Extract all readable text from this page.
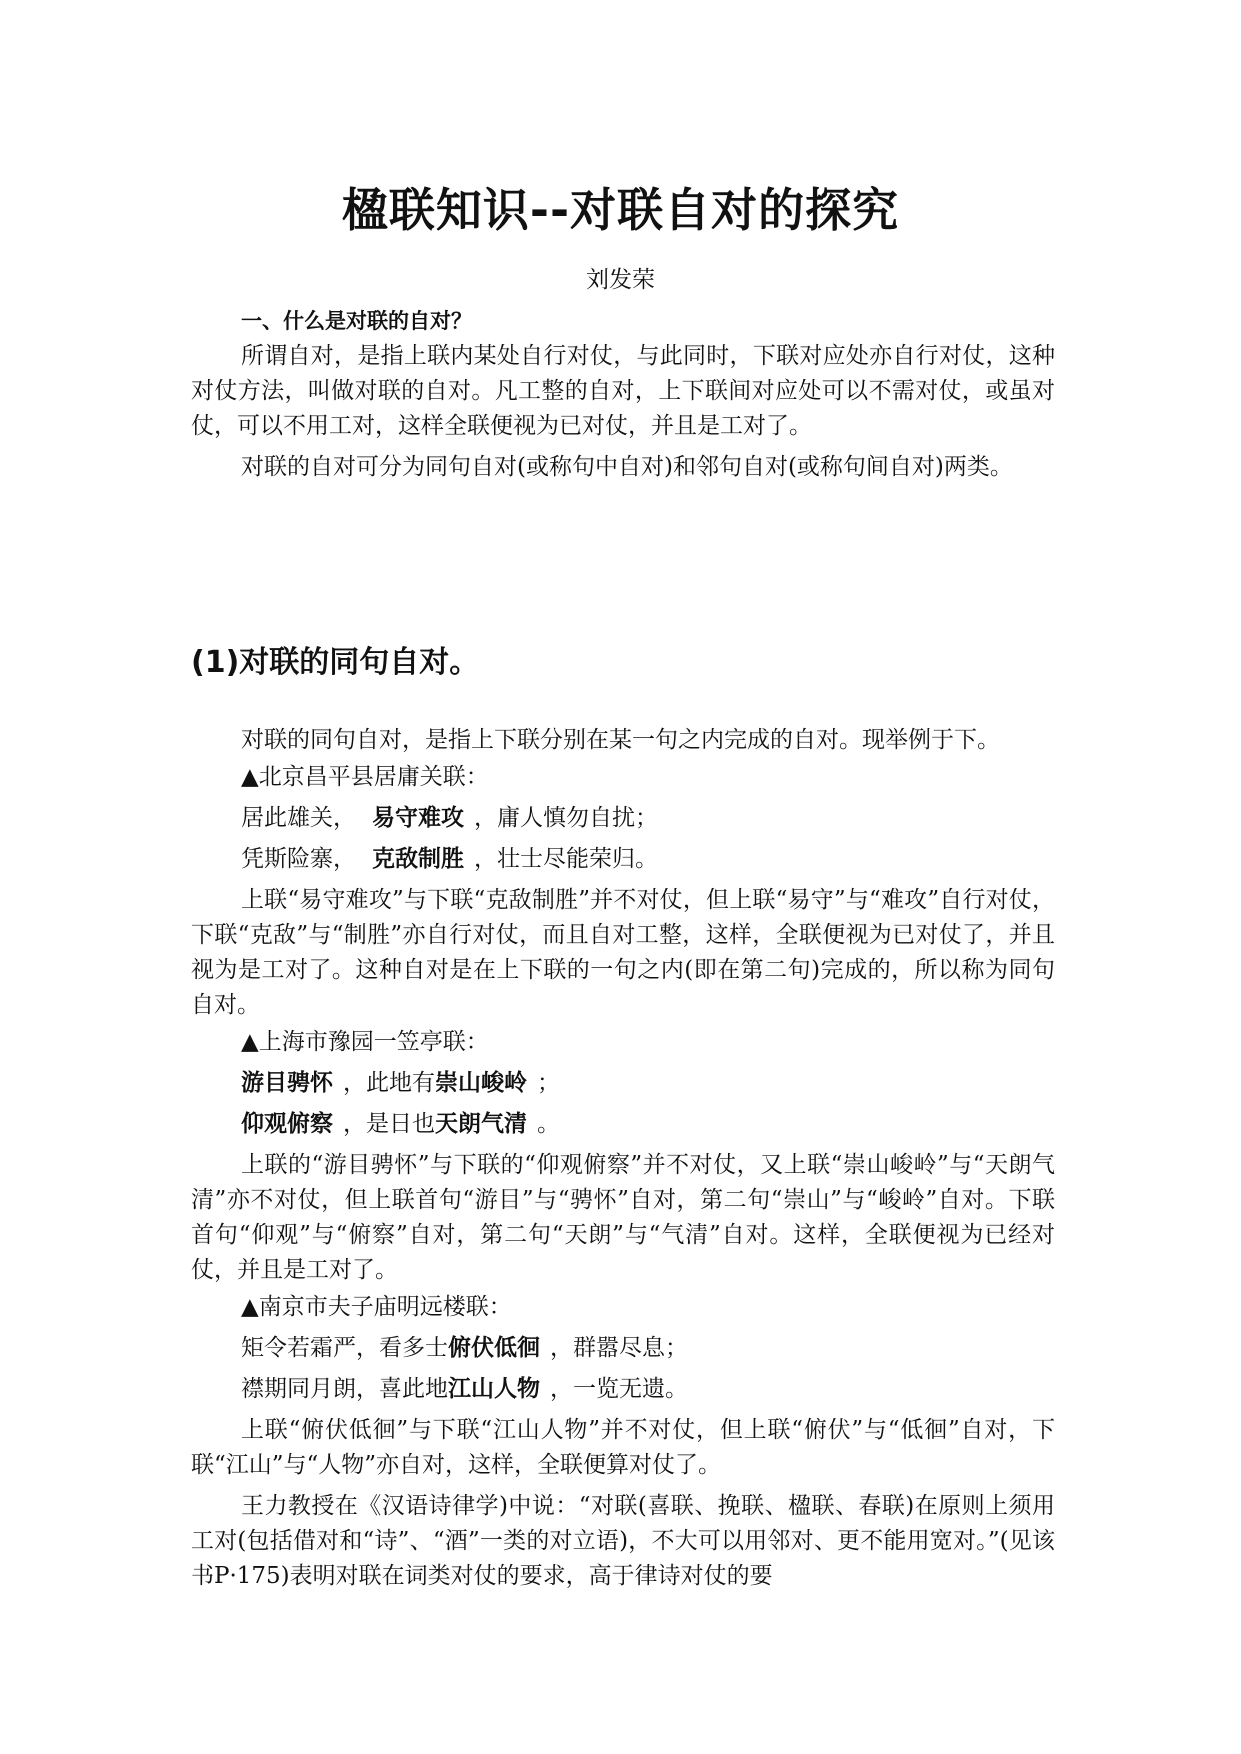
楹联知识--对联自对的探究
刘发荣
一、什么是对联的自对？

所谓自对，是指上联内某处自行对仗，与此同时，下联对应处亦自行对仗，这种对仗方法，叫做对联的自对。凡工整的自对，上下联间对应处可以不需对仗，或虽对仗，可以不用工对，这样全联便视为已对仗，并且是工对了。

对联的自对可分为同句自对(或称句中自对)和邻句自对(或称句间自对)两类。

(1)对联的同句自对。

对联的同句自对，是指上下联分别在某一句之内完成的自对。现举例于下。

▲北京昌平县居庸关联：

居此雄关， 易守难攻 ，庸人慎勿自扰；

凭斯险寨， 克敌制胜 ，壮士尽能荣归。

上联“易守难攻”与下联“克敌制胜”并不对仗，但上联“易守”与“难攻”自行对仗，下联“克敌”与“制胜”亦自行对仗，而且自对工整，这样，全联便视为已对仗了，并且视为是工对了。这种自对是在上下联的一句之内(即在第二句)完成的，所以称为同句自对。

▲上海市豫园一笠亭联：

游目骋怀 ，此地有崇山峻岭 ；

仰观俯察 ，是日也天朗气清 。

上联的“游目骋怀”与下联的“仰观俯察”并不对仗，又上联“崇山峻岭”与“天朗气清”亦不对仗，但上联首句“游目”与“骋怀”自对，第二句“崇山”与“峻岭”自对。下联首句“仰观”与“俯察”自对，第二句“天朗”与“气清”自对。这样，全联便视为已经对仗，并且是工对了。

▲南京市夫子庙明远楼联：

矩令若霜严，看多士俯伏低徊 ，群嚣尽息；

襟期同月朗，喜此地江山人物 ，一览无遗。

上联“俯伏低徊”与下联“江山人物”并不对仗，但上联“俯伏”与“低徊”自对，下联“江山”与“人物”亦自对，这样，全联便算对仗了。

王力教授在《汉语诗律学)中说：“对联(喜联、挽联、楹联、春联)在原则上须用工对(包括借对和“诗”、“酒”一类的对立语)，不大可以用邻对、更不能用宽对。”(见该书P·175)表明对联在词类对仗的要求，高于律诗对仗的要
